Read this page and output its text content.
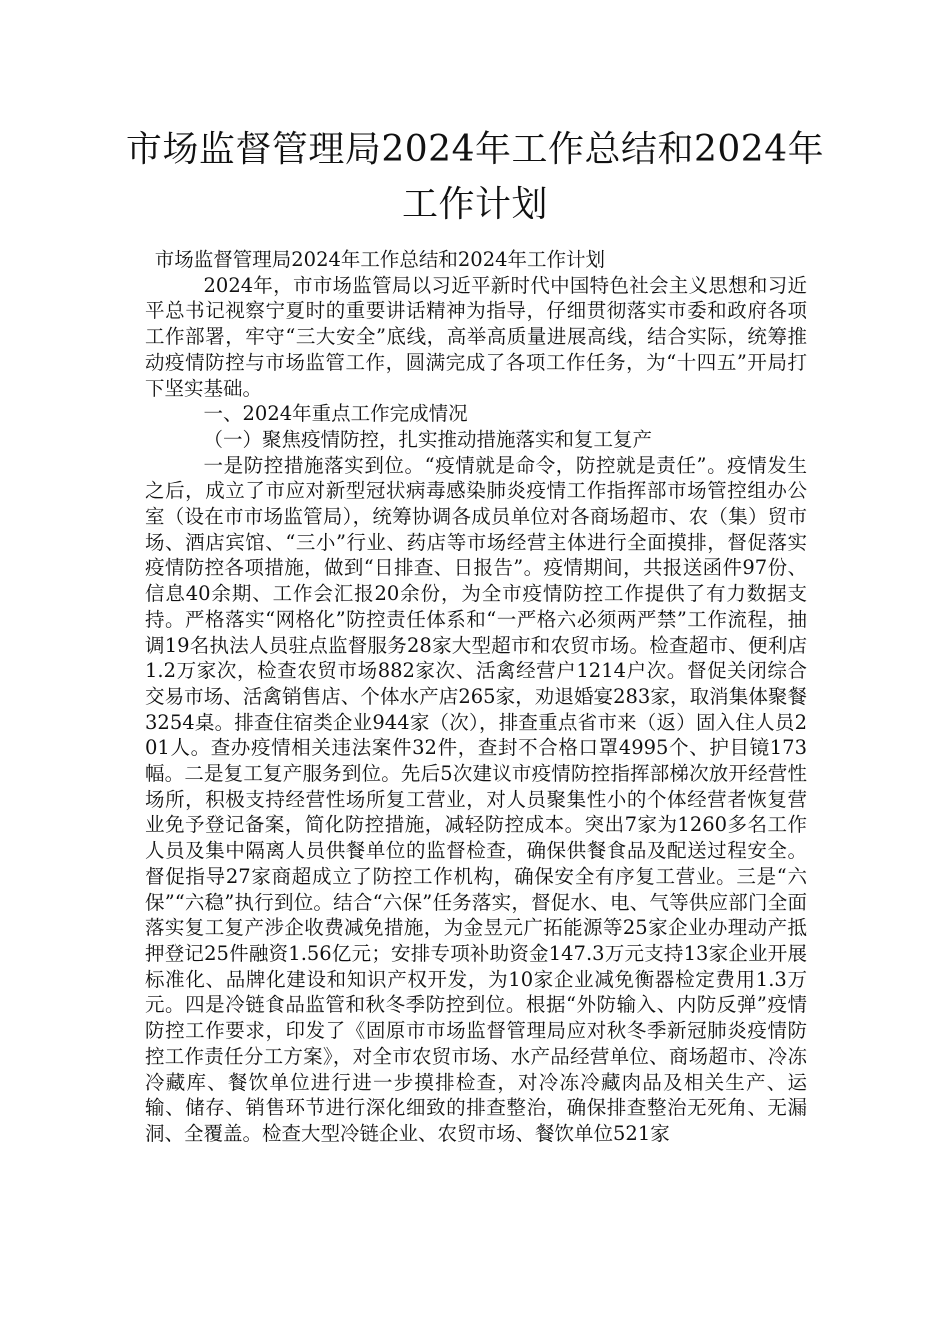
市场监督管理局2024年工作总结和2024年工作计划

市场监督管理局2024年工作总结和2024年工作计划

2024年，市市场监管局以习近平新时代中国特色社会主义思想和习近平总书记视察宁夏时的重要讲话精神为指导，仔细贯彻落实市委和政府各项工作部署，牢守“三大安全”底线，高举高质量进展高线，结合实际，统筹推动疫情防控与市场监管工作，圆满完成了各项工作任务，为“十四五”开局打下坚实基础。

一、2024年重点工作完成情况

（一）聚焦疫情防控，扎实推动措施落实和复工复产

一是防控措施落实到位。“疫情就是命令，防控就是责任”。疫情发生之后，成立了市应对新型冠状病毒感染肺炎疫情工作指挥部市场管控组办公室（设在市市场监管局），统筹协调各成员单位对各商场超市、农（集）贸市场、酒店宾馆、“三小”行业、药店等市场经营主体进行全面摸排，督促落实疫情防控各项措施，做到“日排查、日报告”。疫情期间，共报送函件97份、信息40余期、工作会汇报20余份，为全市疫情防控工作提供了有力数据支持。严格落实“网格化”防控责任体系和“一严格六必须两严禁”工作流程，抽调19名执法人员驻点监督服务28家大型超市和农贸市场。检查超市、便利店1.2万家次，检查农贸市场882家次、活禽经营户1214户次。督促关闭综合交易市场、活禽销售店、个体水产店265家，劝退婚宴283家，取消集体聚餐3254桌。排查住宿类企业944家（次），排查重点省市来（返）固入住人员201人。查办疫情相关违法案件32件，查封不合格口罩4995个、护目镜173幅。二是复工复产服务到位。先后5次建议市疫情防控指挥部梯次放开经营性场所，积极支持经营性场所复工营业，对人员聚集性小的个体经营者恢复营业免予登记备案，简化防控措施，减轻防控成本。突出7家为1260多名工作人员及集中隔离人员供餐单位的监督检查，确保供餐食品及配送过程安全。督促指导27家商超成立了防控工作机构，确保安全有序复工营业。三是“六保”“六稳”执行到位。结合“六保”任务落实，督促水、电、气等供应部门全面落实复工复产涉企收费减免措施，为金昱元广拓能源等25家企业办理动产抵押登记25件融资1.56亿元；安排专项补助资金147.3万元支持13家企业开展标准化、品牌化建设和知识产权开发，为10家企业减免衡器检定费用1.3万元。四是冷链食品监管和秋冬季防控到位。根据“外防输入、内防反弹”疫情防控工作要求，印发了《固原市市场监督管理局应对秋冬季新冠肺炎疫情防控工作责任分工方案》，对全市农贸市场、水产品经营单位、商场超市、冷冻冷藏库、餐饮单位进行进一步摸排检查，对冷冻冷藏肉品及相关生产、运输、储存、销售环节进行深化细致的排查整治，确保排查整治无死角、无漏洞、全覆盖。检查大型冷链企业、农贸市场、餐饮单位521家
